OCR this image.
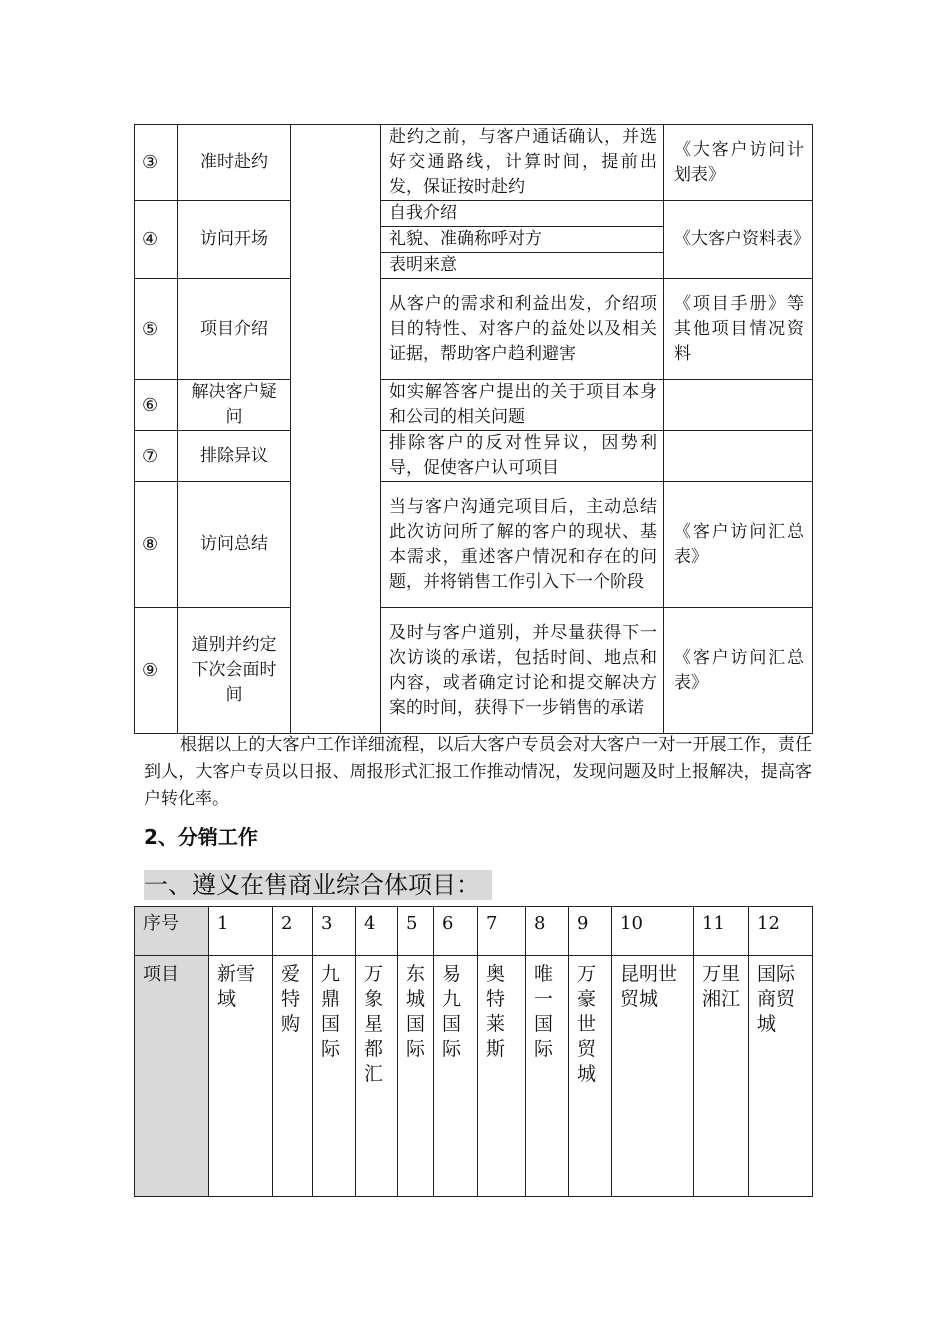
③	准时赴约		赴约之前，与客户通话确认，并选好交通路线，计算时间，提前出发，保证按时赴约	《大客户访问计划表》
④	访问开场		自我介绍	《大客户资料表》
			礼貌、准确称呼对方	
			表明来意	
⑤	项目介绍		从客户的需求和利益出发，介绍项目的特性、对客户的益处以及相关证据，帮助客户趋利避害	《项目手册》等其他项目情况资料
⑥	解决客户疑问		如实解答客户提出的关于项目本身和公司的相关问题	
⑦	排除异议		排除客户的反对性异议，因势利导，促使客户认可项目	
⑧	访问总结		当与客户沟通完项目后，主动总结此次访问所了解的客户的现状、基本需求，重述客户情况和存在的问题，并将销售工作引入下一个阶段	《客户访问汇总表》
⑨	道别并约定下次会面时间		及时与客户道别，并尽量获得下一次访谈的承诺，包括时间、地点和内容，或者确定讨论和提交解决方案的时间，获得下一步销售的承诺	《客户访问汇总表》

根据以上的大客户工作详细流程，以后大客户专员会对大客户一对一开展工作，责任到人，大客户专员以日报、周报形式汇报工作推动情况，发现问题及时上报解决，提高客户转化率。

2、分销工作
一、遵义在售商业综合体项目：
序号	1	2	3	4	5	6	7	8	9	10	11	12
项目	新雪域	爱特购	九鼎国际	万象星都汇	东城国际	易九国际	奥特莱斯	唯一国际	万豪世贸城	昆明世贸城	万里湘江	国际商贸城
